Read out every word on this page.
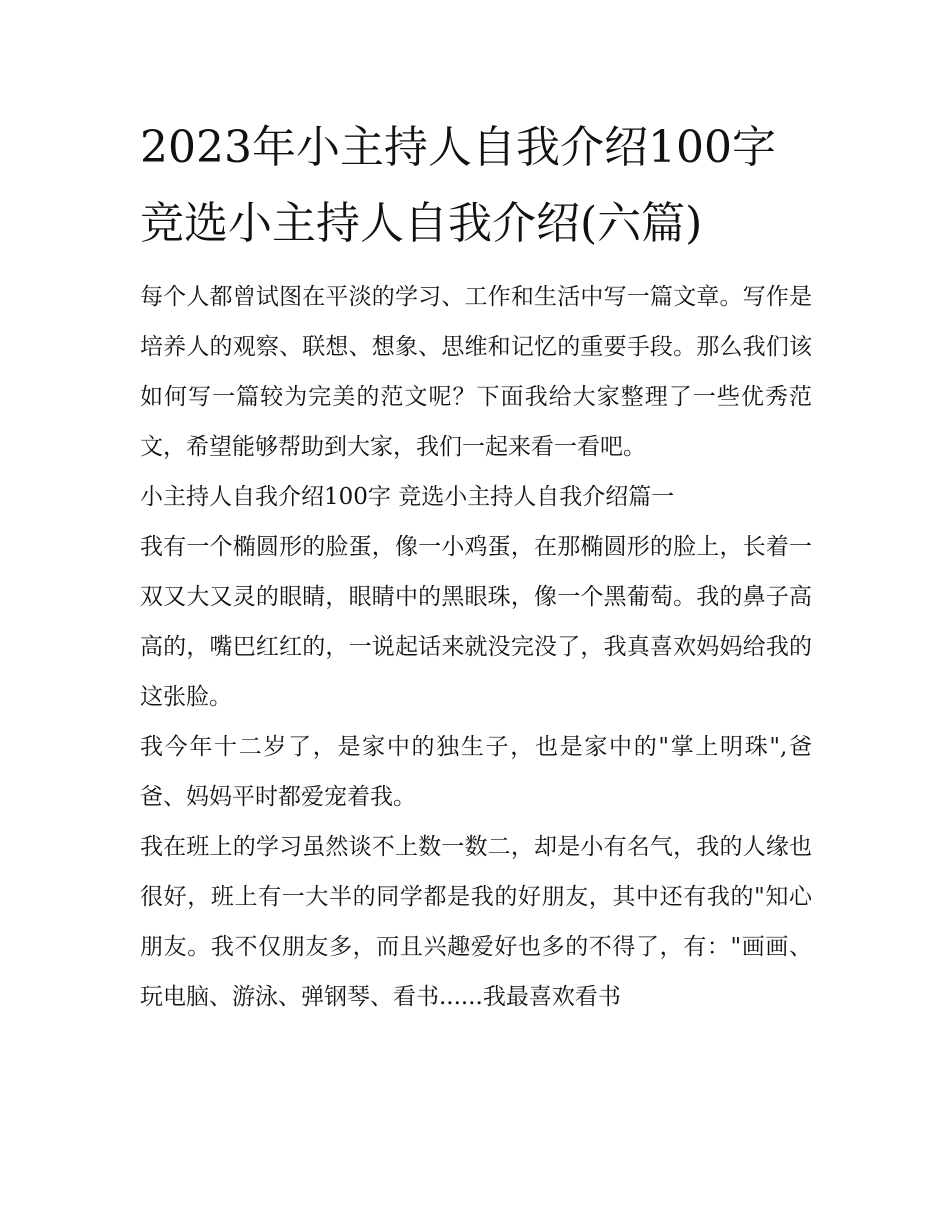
2023年小主持人自我介绍100字 竞选小主持人自我介绍(六篇)

每个人都曾试图在平淡的学习、工作和生活中写一篇文章。写作是培养人的观察、联想、想象、思维和记忆的重要手段。那么我们该如何写一篇较为完美的范文呢？下面我给大家整理了一些优秀范文，希望能够帮助到大家，我们一起来看一看吧。

小主持人自我介绍100字 竞选小主持人自我介绍篇一

我有一个椭圆形的脸蛋，像一小鸡蛋，在那椭圆形的脸上，长着一双又大又灵的眼睛，眼睛中的黑眼珠，像一个黑葡萄。我的鼻子高高的，嘴巴红红的，一说起话来就没完没了，我真喜欢妈妈给我的这张脸。

我今年十二岁了，是家中的独生子，也是家中的"掌上明珠",爸爸、妈妈平时都爱宠着我。

我在班上的学习虽然谈不上数一数二，却是小有名气，我的人缘也很好，班上有一大半的同学都是我的好朋友，其中还有我的"知心朋友。我不仅朋友多，而且兴趣爱好也多的不得了，有："画画、玩电脑、游泳、弹钢琴、看书......我最喜欢看书
